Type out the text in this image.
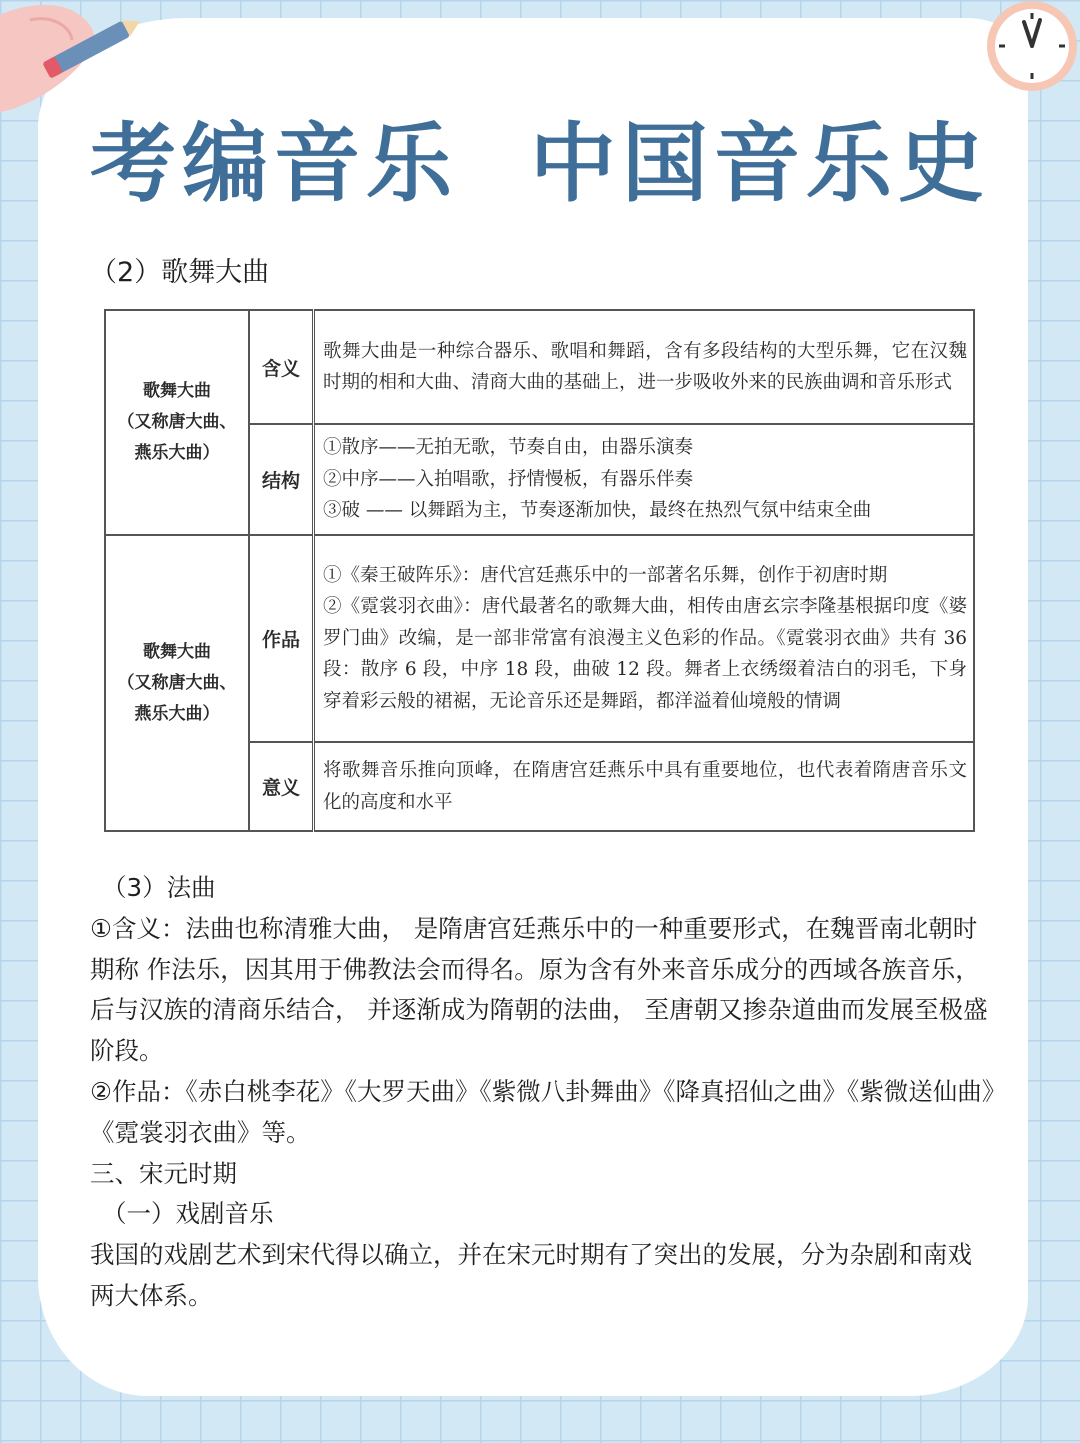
考编音乐  中国音乐史
（2）歌舞大曲
歌舞大曲
（又称唐大曲、
燕乐大曲）	含义	歌舞大曲是一种综合器乐、歌唱和舞蹈，含有多段结构的大型乐舞，它在汉魏时期的相和大曲、清商大曲的基础上，进一步吸收外来的民族曲调和音乐形式
	结构	①散序——无拍无歌，节奏自由，由器乐演奏
②中序——入拍唱歌，抒情慢板，有器乐伴奏
③破 —— 以舞蹈为主，节奏逐渐加快，最终在热烈气氛中结束全曲

歌舞大曲
（又称唐大曲、
燕乐大曲）	作品	①《秦王破阵乐》：唐代宫廷燕乐中的一部著名乐舞，创作于初唐时期
②《霓裳羽衣曲》：唐代最著名的歌舞大曲，相传由唐玄宗李隆基根据印度《婆罗门曲》改编，是一部非常富有浪漫主义色彩的作品。《霓裳羽衣曲》共有 36 段：散序 6 段，中序 18 段，曲破 12 段。舞者上衣绣缀着洁白的羽毛，下身穿着彩云般的裙裾，无论音乐还是舞蹈，都洋溢着仙境般的情调

	意义	将歌舞音乐推向顶峰，在隋唐宫廷燕乐中具有重要地位，也代表着隋唐音乐文化的高度和水平

（3）法曲

①含义：法曲也称清雅大曲， 是隋唐宫廷燕乐中的一种重要形式，在魏晋南北朝时期称 作法乐，因其用于佛教法会而得名。原为含有外来音乐成分的西域各族音乐，后与汉族的清商乐结合， 并逐渐成为隋朝的法曲， 至唐朝又掺杂道曲而发展至极盛阶段。

②作品：《赤白桃李花》《大罗天曲》《紫微八卦舞曲》《降真招仙之曲》《紫微送仙曲》《霓裳羽衣曲》等。

三、宋元时期

（一）戏剧音乐

我国的戏剧艺术到宋代得以确立，并在宋元时期有了突出的发展，分为杂剧和南戏两大体系。
